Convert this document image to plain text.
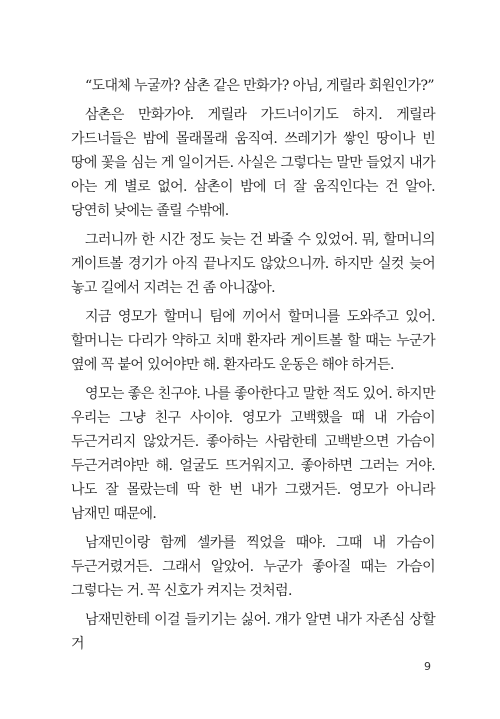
“도대체 누굴까? 삼촌 같은 만화가? 아님, 게릴라 회원인가?”

삼촌은 만화가야. 게릴라 가드너이기도 하지. 게릴라 가드너들은 밤에 몰래몰래 움직여. 쓰레기가 쌓인 땅이나 빈 땅에 꽃을 심는 게 일이거든. 사실은 그렇다는 말만 들었지 내가 아는 게 별로 없어. 삼촌이 밤에 더 잘 움직인다는 건 알아. 당연히 낮에는 졸릴 수밖에.

그러니까 한 시간 정도 늦는 건 봐줄 수 있었어. 뭐, 할머니의 게이트볼 경기가 아직 끝나지도 않았으니까. 하지만 실컷 늦어 놓고 길에서 지려는 건 좀 아니잖아.

지금 영모가 할머니 팀에 끼어서 할머니를 도와주고 있어. 할머니는 다리가 약하고 치매 환자라 게이트볼 할 때는 누군가 옆에 꼭 붙어 있어야만 해. 환자라도 운동은 해야 하거든.

영모는 좋은 친구야. 나를 좋아한다고 말한 적도 있어. 하지만 우리는 그냥 친구 사이야. 영모가 고백했을 때 내 가슴이 두근거리지 않았거든. 좋아하는 사람한테 고백받으면 가슴이 두근거려야만 해. 얼굴도 뜨거워지고. 좋아하면 그러는 거야. 나도 잘 몰랐는데 딱 한 번 내가 그랬거든. 영모가 아니라 남재민 때문에.

남재민이랑 함께 셀카를 찍었을 때야. 그때 내 가슴이 두근거렸거든. 그래서 알았어. 누군가 좋아질 때는 가슴이 그렇다는 거. 꼭 신호가 켜지는 것처럼.

남재민한테 이걸 들키기는 싫어. 걔가 알면 내가 자존심 상할 거

9
